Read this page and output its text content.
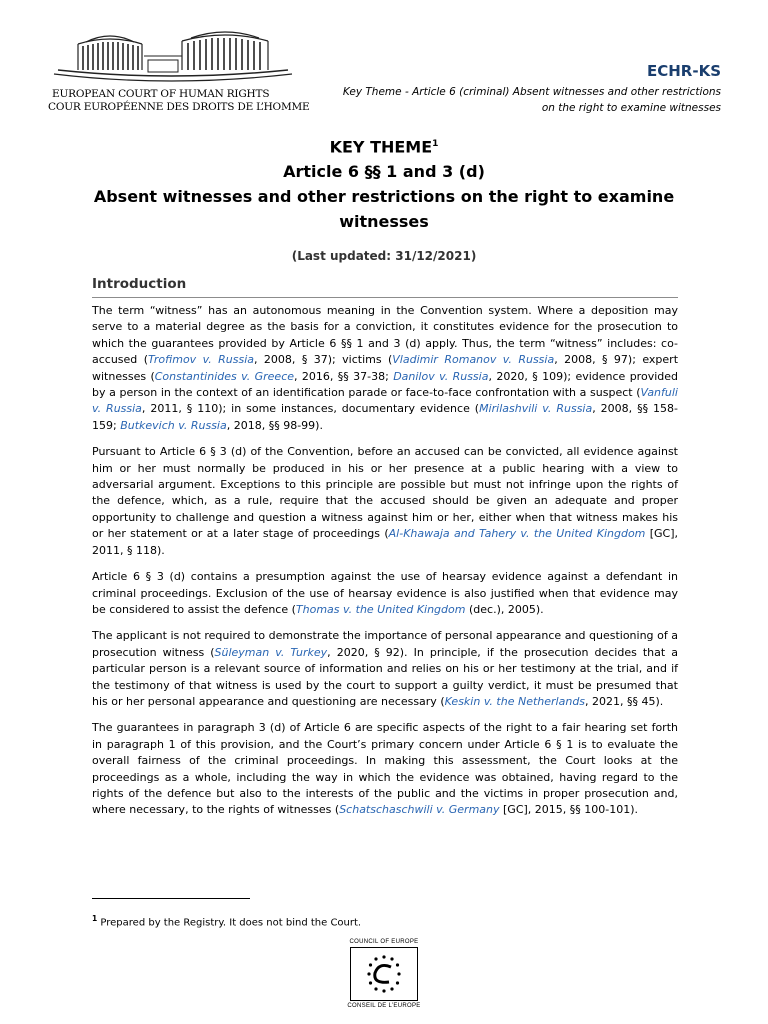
EUROPEAN COURT OF HUMAN RIGHTS
COUR EUROPÉENNE DES DROITS DE L’HOMME
ECHR-KS
Key Theme - Article 6 (criminal) Absent witnesses and other restrictions
on the right to examine witnesses
KEY THEME$^1$
Article 6 §§ 1 and 3 (d)
Absent witnesses and other restrictions on the right to examine witnesses
(Last updated: 31/12/2021)
Introduction

The term “witness” has an autonomous meaning in the Convention system. Where a deposition may serve to a material degree as the basis for a conviction, it constitutes evidence for the prosecution to which the guarantees provided by Article 6 §§ 1 and 3 (d) apply. Thus, the term “witness” includes: co-accused (Trofimov v. Russia, 2008, § 37); victims (Vladimir Romanov v. Russia, 2008, § 97); expert witnesses (Constantinides v. Greece, 2016, §§ 37-38; Danilov v. Russia, 2020, § 109); evidence provided by a person in the context of an identification parade or face-to-face confrontation with a suspect (Vanfuli v. Russia, 2011, § 110); in some instances, documentary evidence (Mirilashvili v. Russia, 2008, §§ 158-159; Butkevich v. Russia, 2018, §§ 98-99).

Pursuant to Article 6 § 3 (d) of the Convention, before an accused can be convicted, all evidence against him or her must normally be produced in his or her presence at a public hearing with a view to adversarial argument. Exceptions to this principle are possible but must not infringe upon the rights of the defence, which, as a rule, require that the accused should be given an adequate and proper opportunity to challenge and question a witness against him or her, either when that witness makes his or her statement or at a later stage of proceedings (Al-Khawaja and Tahery v. the United Kingdom [GC], 2011, § 118).

Article 6 § 3 (d) contains a presumption against the use of hearsay evidence against a defendant in criminal proceedings. Exclusion of the use of hearsay evidence is also justified when that evidence may be considered to assist the defence (Thomas v. the United Kingdom (dec.), 2005).

The applicant is not required to demonstrate the importance of personal appearance and questioning of a prosecution witness (Süleyman v. Turkey, 2020, § 92). In principle, if the prosecution decides that a particular person is a relevant source of information and relies on his or her testimony at the trial, and if the testimony of that witness is used by the court to support a guilty verdict, it must be presumed that his or her personal appearance and questioning are necessary (Keskin v. the Netherlands, 2021, §§ 45).

The guarantees in paragraph 3 (d) of Article 6 are specific aspects of the right to a fair hearing set forth in paragraph 1 of this provision, and the Court’s primary concern under Article 6 § 1 is to evaluate the overall fairness of the criminal proceedings. In making this assessment, the Court looks at the proceedings as a whole, including the way in which the evidence was obtained, having regard to the rights of the defence but also to the interests of the public and the victims in proper prosecution and, where necessary, to the rights of witnesses (Schatschaschwili v. Germany [GC], 2015, §§ 100-101).

$^1$ Prepared by the Registry. It does not bind the Court.
COUNCIL OF EUROPE
CONSEIL DE L’EUROPE
